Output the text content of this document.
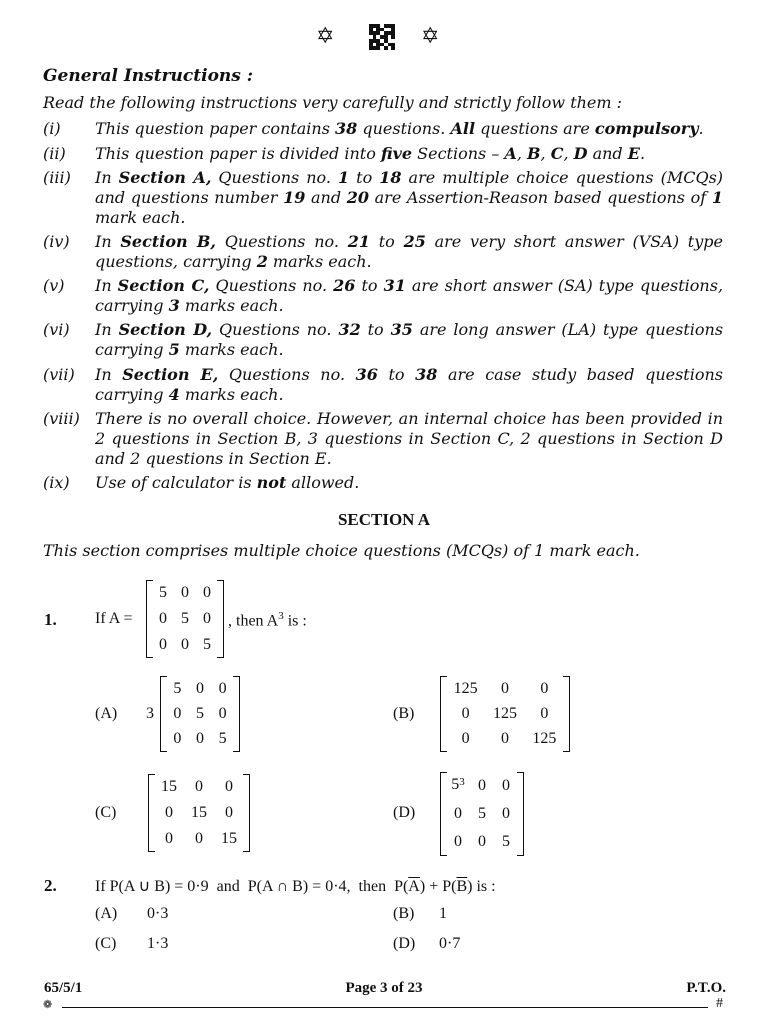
✡	✡
General Instructions :
Read the following instructions very carefully and strictly follow them :
(i) This question paper contains 38 questions. All questions are compulsory.
(ii) This question paper is divided into five Sections – A, B, C, D and E.
(iii) In Section A, Questions no. 1 to 18 are multiple choice questions (MCQs) and questions number 19 and 20 are Assertion-Reason based questions of 1 mark each.
(iv) In Section B, Questions no. 21 to 25 are very short answer (VSA) type questions, carrying 2 marks each.
(v) In Section C, Questions no. 26 to 31 are short answer (SA) type questions, carrying 3 marks each.
(vi) In Section D, Questions no. 32 to 35 are long answer (LA) type questions carrying 5 marks each.
(vii) In Section E, Questions no. 36 to 38 are case study based questions carrying 4 marks each.
(viii) There is no overall choice. However, an internal choice has been provided in 2 questions in Section B, 3 questions in Section C, 2 questions in Section D and 2 questions in Section E.
(ix) Use of calculator is not allowed.
SECTION A
This section comprises multiple choice questions (MCQs) of 1 mark each.
1. If A =
5 0 0
0 5 0
0 0 5
, then $A^3$ is :
(A) 3
5 0 0
0 5 0
0 0 5
(B)
125	0	0
0	125	0
0	0	125
(C)
15	0	0
0	15	0
0	0	15
(D)
5 3 0	0
0	5	0
0	0	5
2. If P(A ∪ B) = 0·9  and  P(A ∩ B) = 0·4,  then  $P(\overline{A}) + P(\overline{B})$ is :
(A) 0·3	(B) 1
(C) 1·3	(D) 0·7
65/5/1	Page 3 of 23	P.T.O.
❁	#
